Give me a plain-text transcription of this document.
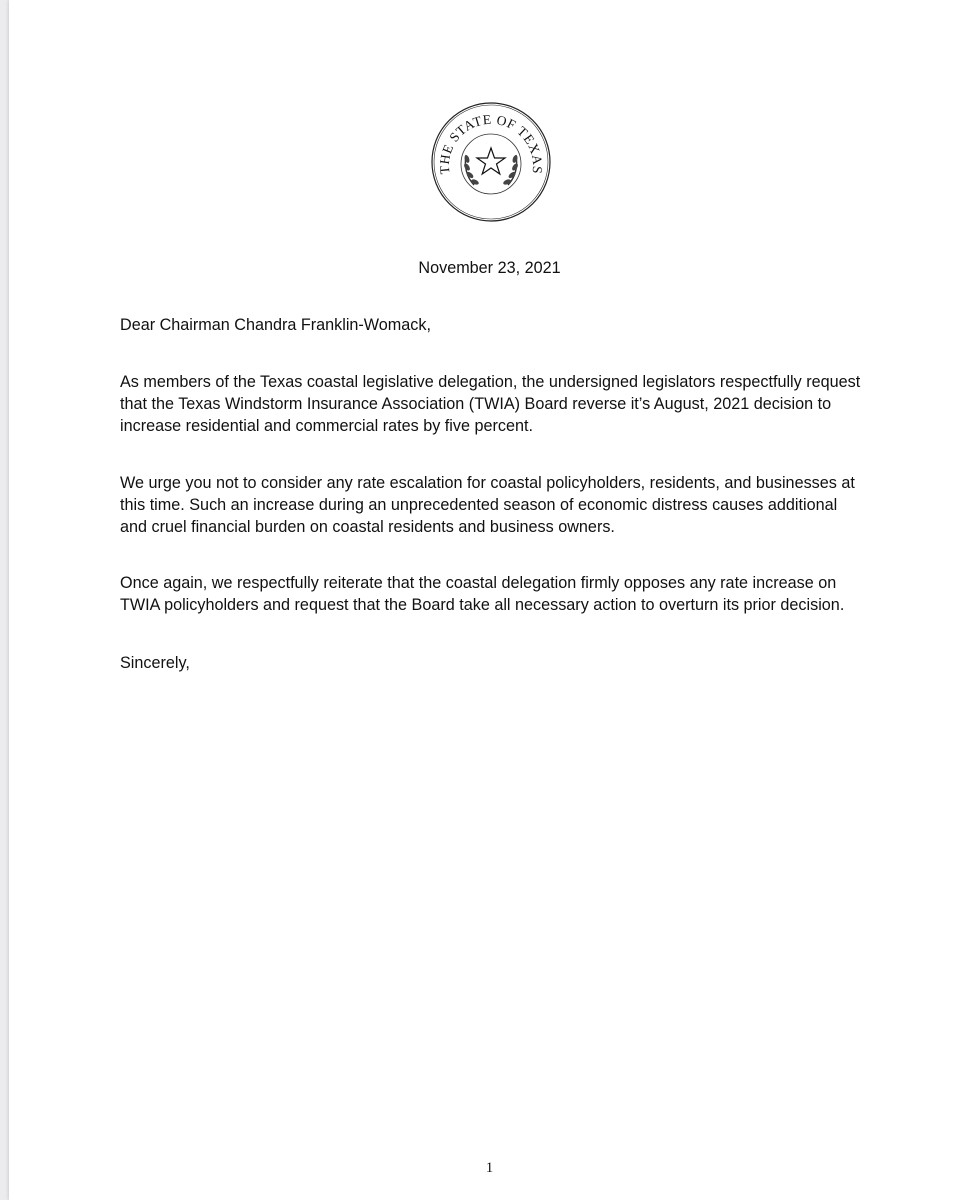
THE STATE OF TEXAS

November 23, 2021

Dear Chairman Chandra Franklin-Womack,

As members of the Texas coastal legislative delegation, the undersigned legislators respectfully request that the Texas Windstorm Insurance Association (TWIA) Board reverse it’s August, 2021 decision to increase residential and commercial rates by five percent.

We urge you not to consider any rate escalation for coastal policyholders, residents, and businesses at this time. Such an increase during an unprecedented season of economic distress causes additional and cruel financial burden on coastal residents and business owners.

Once again, we respectfully reiterate that the coastal delegation firmly opposes any rate increase on TWIA policyholders and request that the Board take all necessary action to overturn its prior decision.

Sincerely,

1
